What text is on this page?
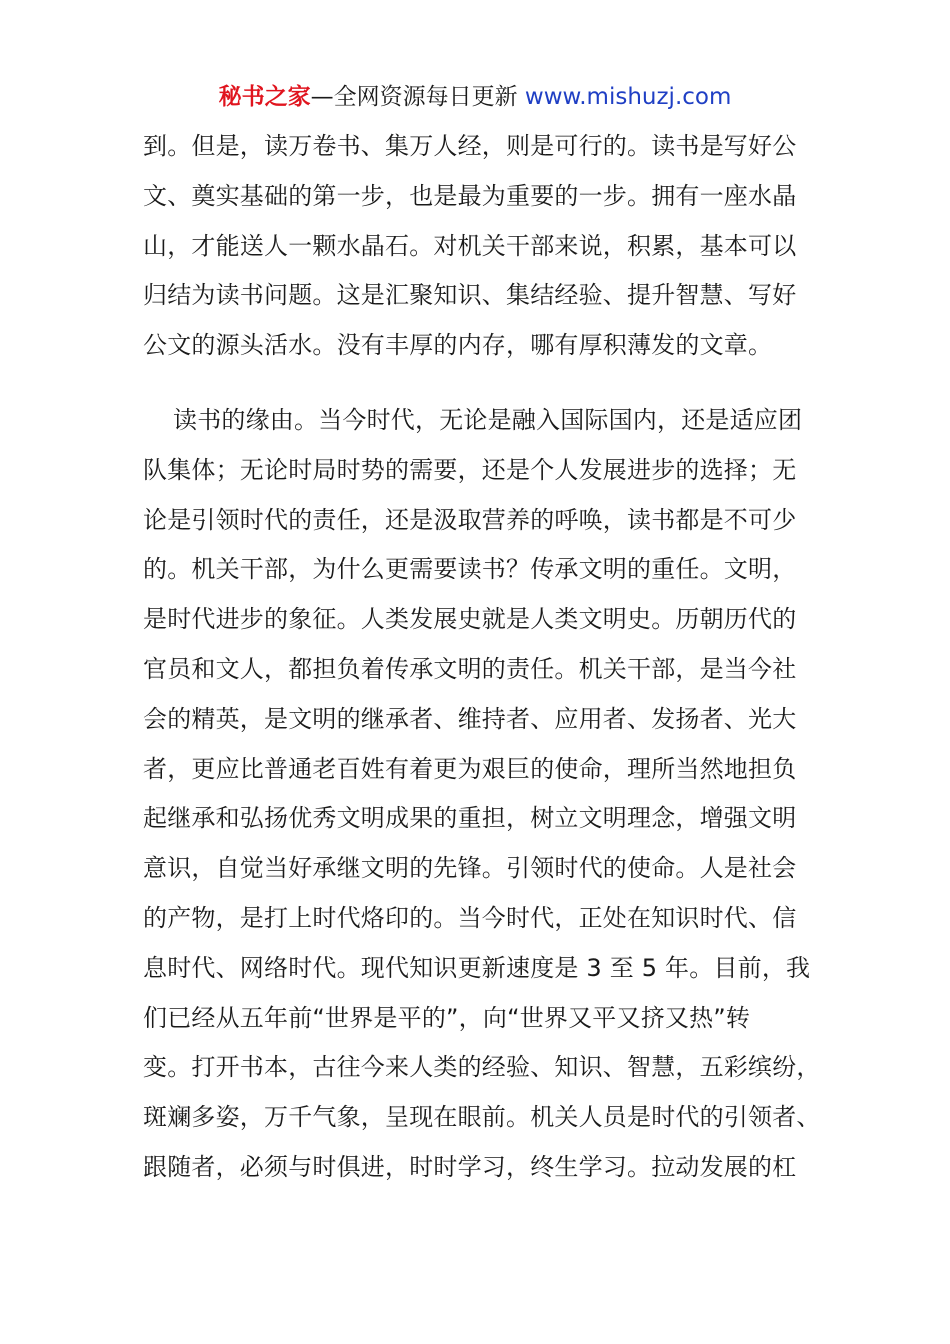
秘书之家—全网资源每日更新 www.mishuzj.com

到。但是，读万卷书、集万人经，则是可行的。读书是写好公
文、奠实基础的第一步，也是最为重要的一步。拥有一座水晶
山，才能送人一颗水晶石。对机关干部来说，积累，基本可以
归结为读书问题。这是汇聚知识、集结经验、提升智慧、写好
公文的源头活水。没有丰厚的内存，哪有厚积薄发的文章。

读书的缘由。当今时代，无论是融入国际国内，还是适应团
队集体；无论时局时势的需要，还是个人发展进步的选择；无
论是引领时代的责任，还是汲取营养的呼唤，读书都是不可少
的。机关干部，为什么更需要读书？传承文明的重任。文明，
是时代进步的象征。人类发展史就是人类文明史。历朝历代的
官员和文人，都担负着传承文明的责任。机关干部，是当今社
会的精英，是文明的继承者、维持者、应用者、发扬者、光大
者，更应比普通老百姓有着更为艰巨的使命，理所当然地担负
起继承和弘扬优秀文明成果的重担，树立文明理念，增强文明
意识，自觉当好承继文明的先锋。引领时代的使命。人是社会
的产物，是打上时代烙印的。当今时代，正处在知识时代、信
息时代、网络时代。现代知识更新速度是 3 至 5 年。目前，我
们已经从五年前“世界是平的”，向“世界又平又挤又热”转
变。打开书本，古往今来人类的经验、知识、智慧，五彩缤纷，
斑斓多姿，万千气象，呈现在眼前。机关人员是时代的引领者、
跟随者，必须与时俱进，时时学习，终生学习。拉动发展的杠
